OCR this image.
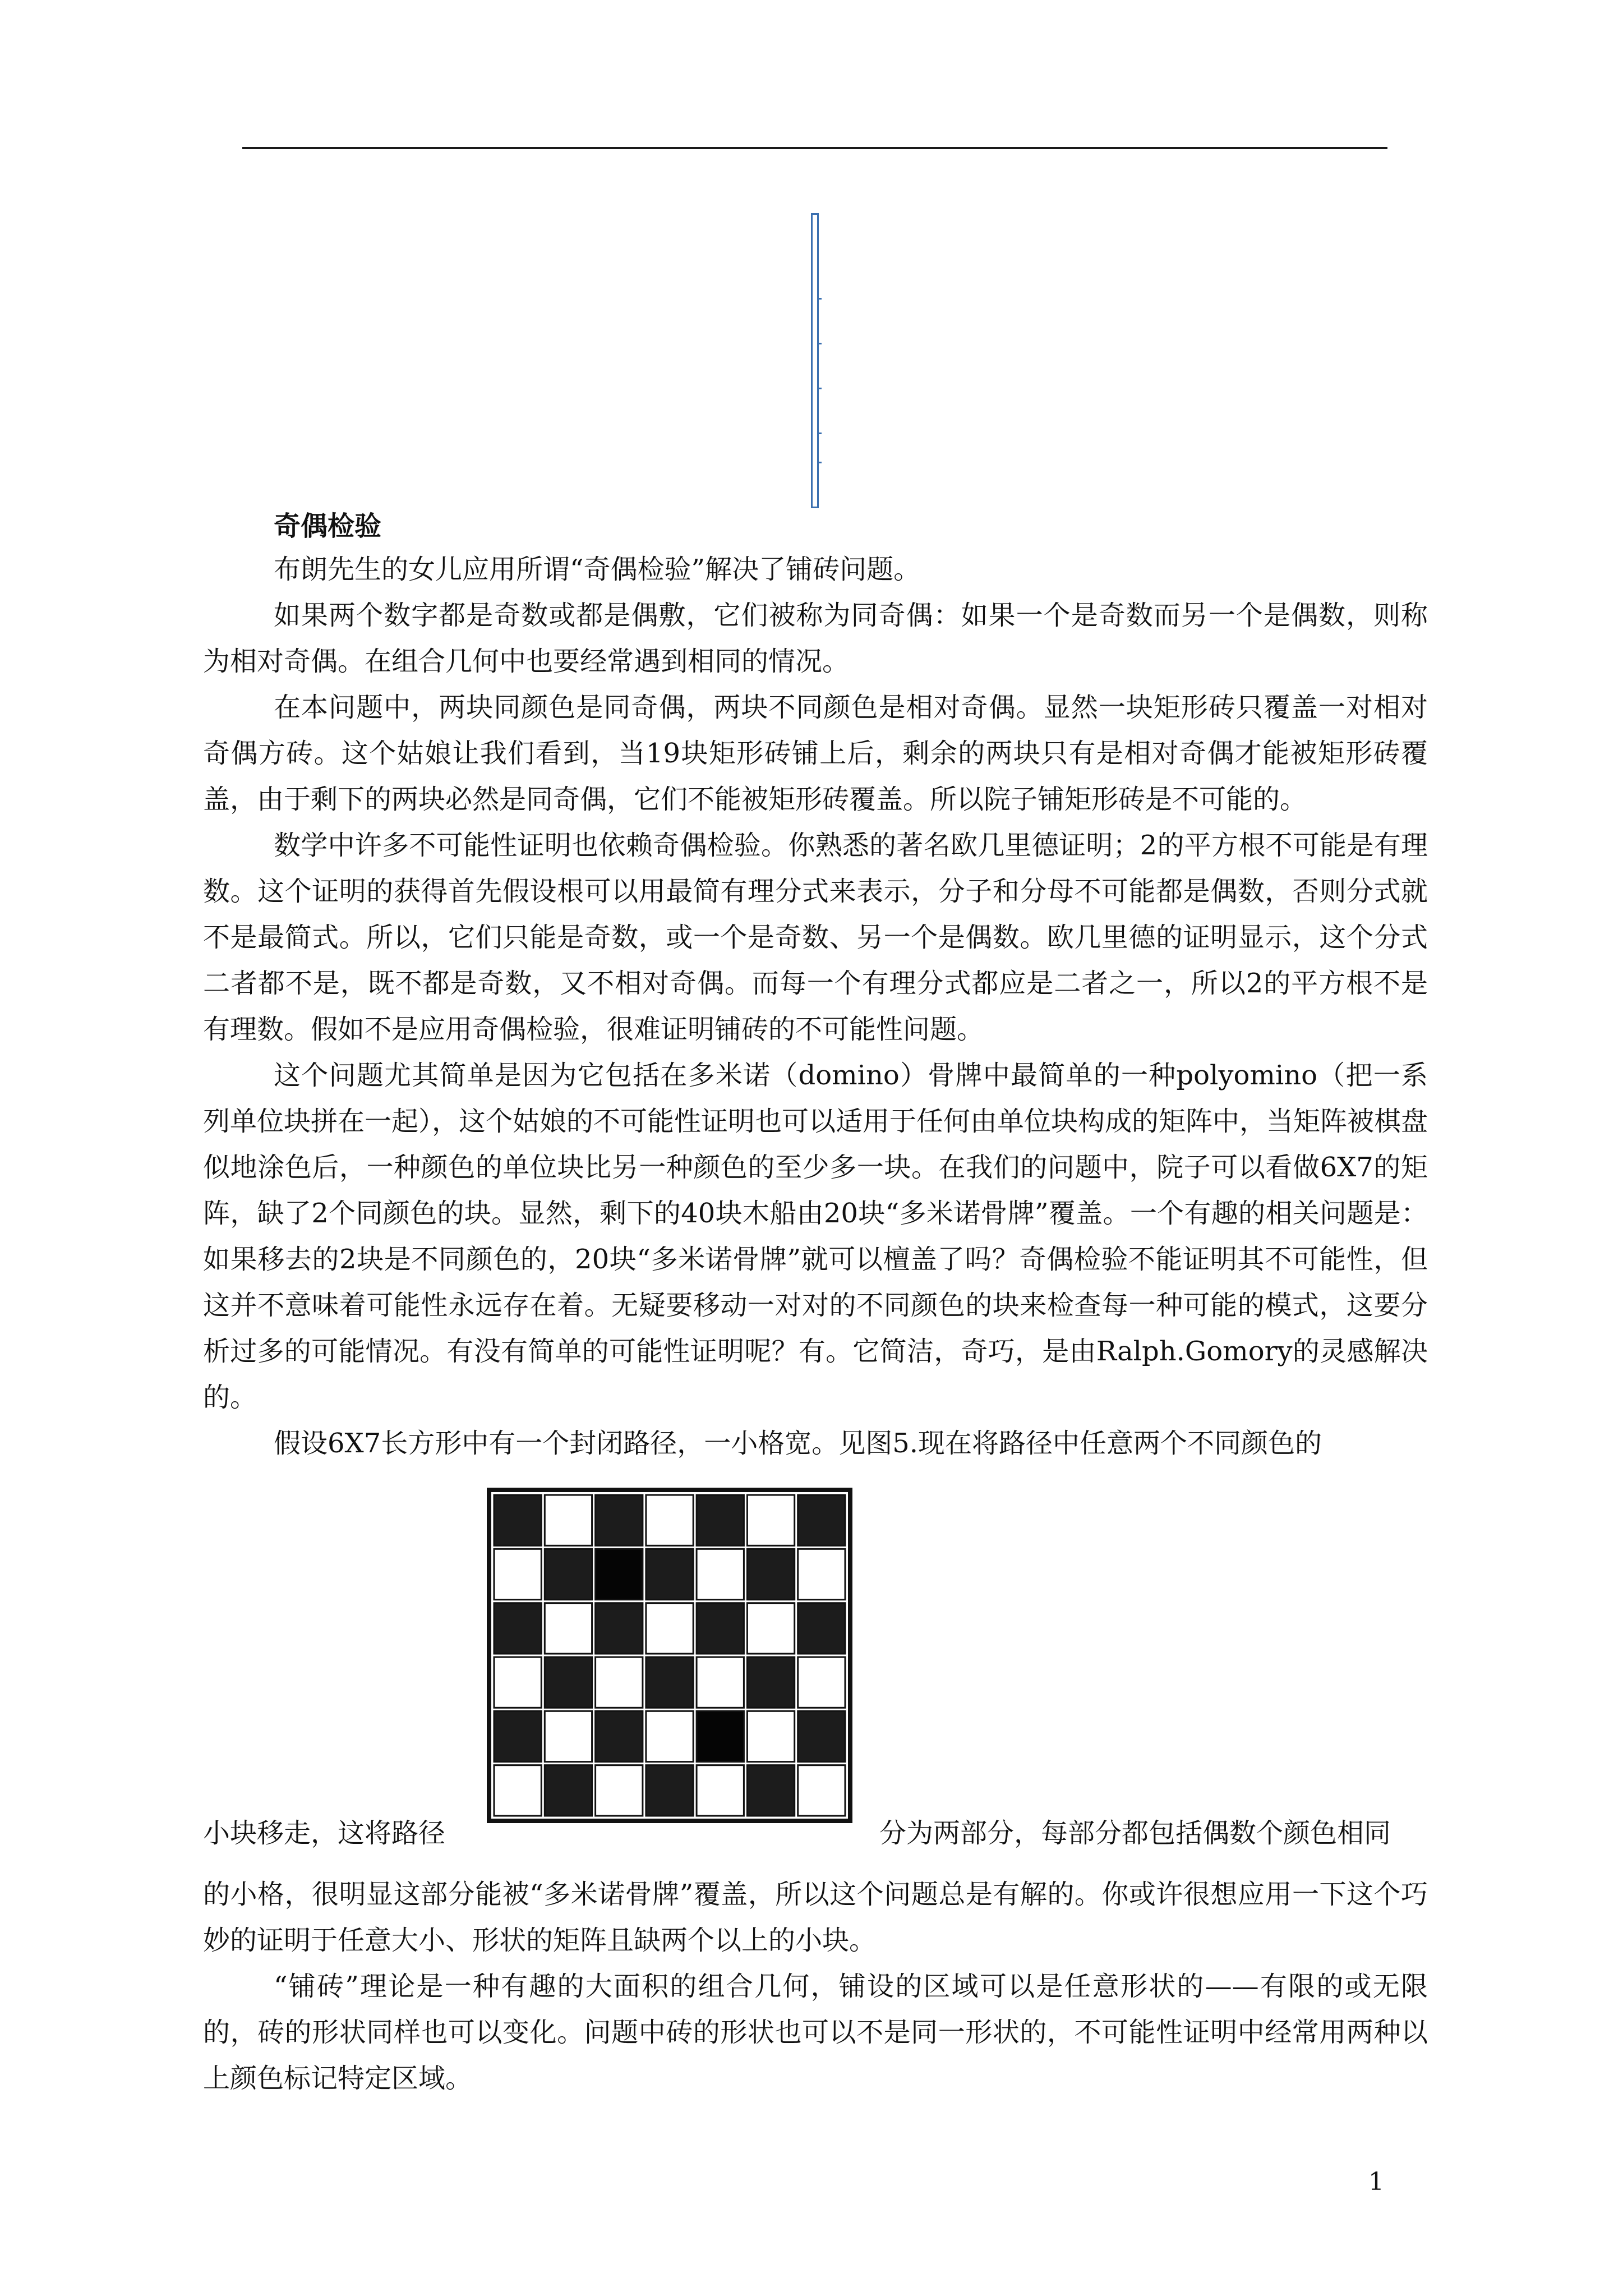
奇偶检验

布朗先生的女儿应用所谓“奇偶检验”解决了铺砖问题。

如果两个数字都是奇数或都是偶敷，它们被称为同奇偶：如果一个是奇数而另一个是偶数，则称为相对奇偶。在组合几何中也要经常遇到相同的情况。

在本问题中，两块同颜色是同奇偶，两块不同颜色是相对奇偶。显然一块矩形砖只覆盖一对相对奇偶方砖。这个姑娘让我们看到，当19块矩形砖铺上后，剩余的两块只有是相对奇偶才能被矩形砖覆盖，由于剩下的两块必然是同奇偶，它们不能被矩形砖覆盖。所以院子铺矩形砖是不可能的。

数学中许多不可能性证明也依赖奇偶检验。你熟悉的著名欧几里德证明；2的平方根不可能是有理数。这个证明的获得首先假设根可以用最简有理分式来表示，分子和分母不可能都是偶数，否则分式就不是最简式。所以，它们只能是奇数，或一个是奇数、另一个是偶数。欧几里德的证明显示，这个分式二者都不是，既不都是奇数，又不相对奇偶。而每一个有理分式都应是二者之一，所以2的平方根不是有理数。假如不是应用奇偶检验，很难证明铺砖的不可能性问题。

这个问题尤其简单是因为它包括在多米诺（domino）骨牌中最简单的一种polyomino（把一系列单位块拼在一起），这个姑娘的不可能性证明也可以适用于任何由单位块构成的矩阵中，当矩阵被棋盘似地涂色后，一种颜色的单位块比另一种颜色的至少多一块。在我们的问题中，院子可以看做6X7的矩阵，缺了2个同颜色的块。显然，剩下的40块木船由20块“多米诺骨牌”覆盖。一个有趣的相关问题是：如果移去的2块是不同颜色的，20块“多米诺骨牌”就可以檀盖了吗？奇偶检验不能证明其不可能性，但这并不意味着可能性永远存在着。无疑要移动一对对的不同颜色的块来检查每一种可能的模式，这要分析过多的可能情况。有没有简单的可能性证明呢？有。它简洁，奇巧，是由Ralph.Gomory的灵感解决的。

假设6X7长方形中有一个封闭路径，一小格宽。见图5.现在将路径中任意两个不同颜色的

小块移走，这将路径	分为两部分，每部分都包括偶数个颜色相同

的小格，很明显这部分能被“多米诺骨牌”覆盖，所以这个问题总是有解的。你或许很想应用一下这个巧妙的证明于任意大小、形状的矩阵且缺两个以上的小块。

“铺砖”理论是一种有趣的大面积的组合几何，铺设的区域可以是任意形状的——有限的或无限的，砖的形状同样也可以变化。问题中砖的形状也可以不是同一形状的，不可能性证明中经常用两种以上颜色标记特定区域。

1
